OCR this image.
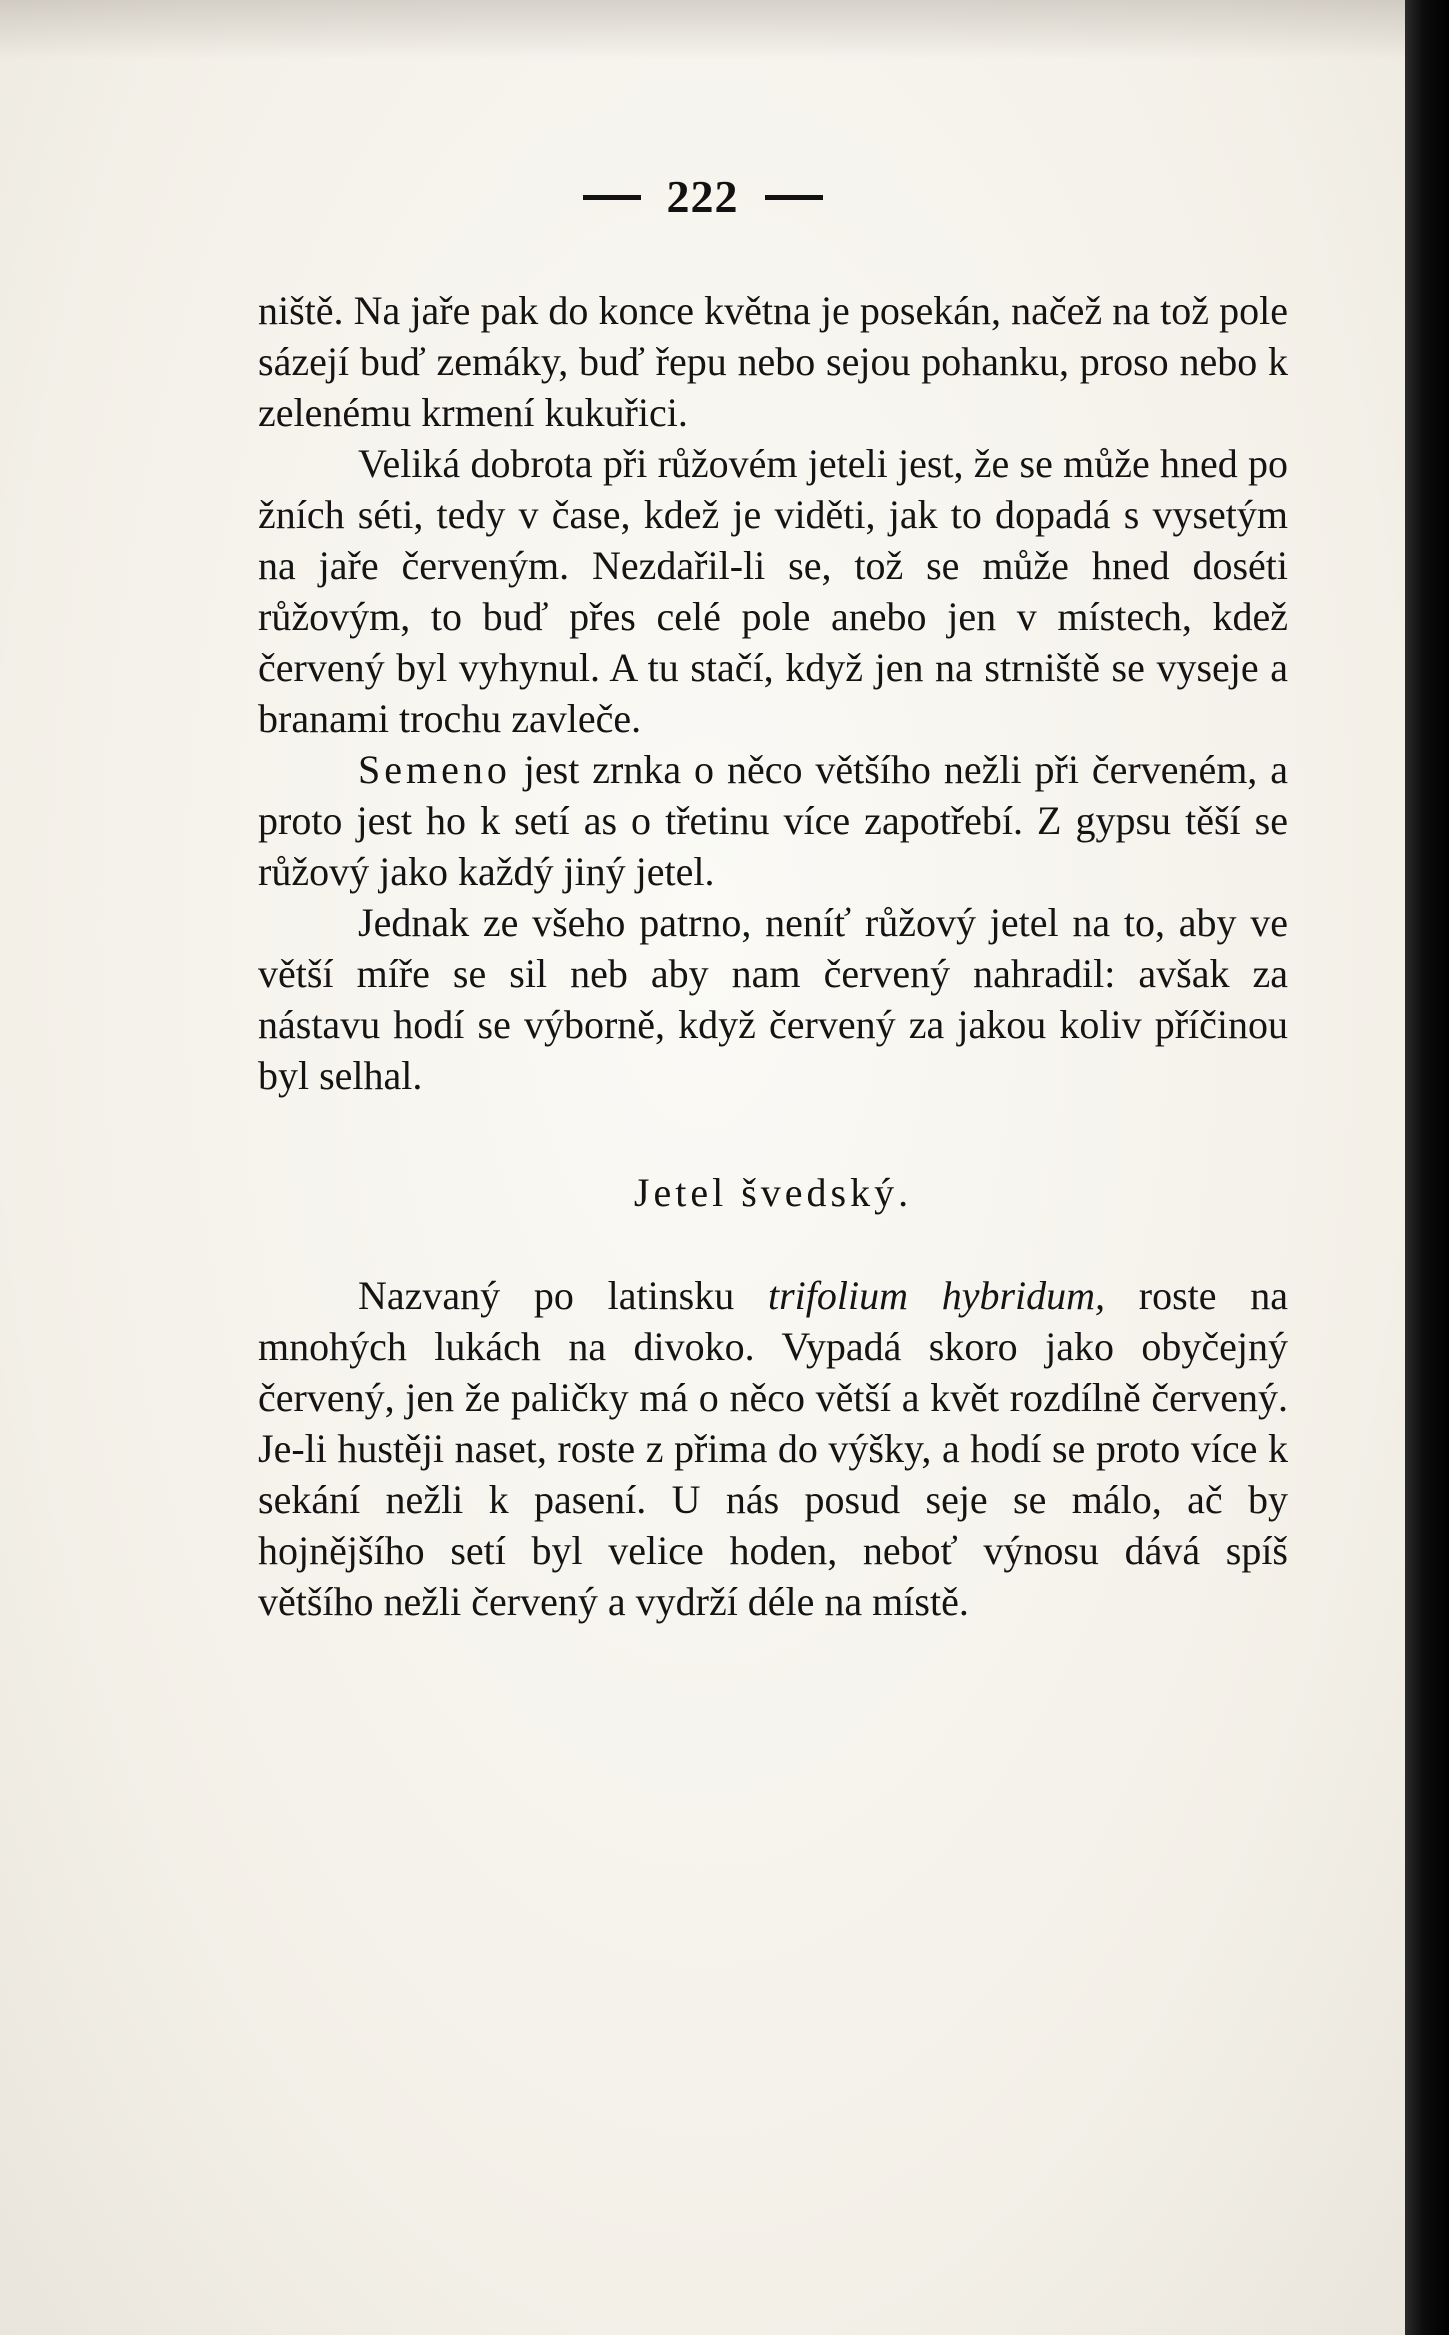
222

niště. Na jaře pak do konce května je posekán, načež na tož pole sázejí buď zemáky, buď řepu nebo sejou pohanku, proso nebo k zelenému krmení kukuřici.

Veliká dobrota při růžovém jeteli jest, že se může hned po žních séti, tedy v čase, kdež je viděti, jak to dopadá s vysetým na jaře červeným. Nezdařil-li se, tož se může hned doséti růžovým, to buď přes celé pole anebo jen v místech, kdež červený byl vyhynul. A tu stačí, když jen na strniště se vyseje a branami trochu zavleče.

Semeno jest zrnka o něco většího nežli při červeném, a proto jest ho k setí as o třetinu více zapotřebí. Z gypsu těší se růžový jako každý jiný jetel.

Jednak ze všeho patrno, neníť růžový jetel na to, aby ve větší míře se sil neb aby nam červený nahradil: avšak za nástavu hodí se výborně, když červený za jakou koliv příčinou byl selhal.

Jetel švedský.

Nazvaný po latinsku trifolium hybridum, roste na mnohých lukách na divoko. Vypadá skoro jako obyčejný červený, jen že paličky má o něco větší a květ rozdílně červený. Je-li hustěji naset, roste z přima do výšky, a hodí se proto více k sekání nežli k pasení. U nás posud seje se málo, ač by hojnějšího setí byl velice hoden, neboť výnosu dává spíš většího nežli červený a vydrží déle na místě.
